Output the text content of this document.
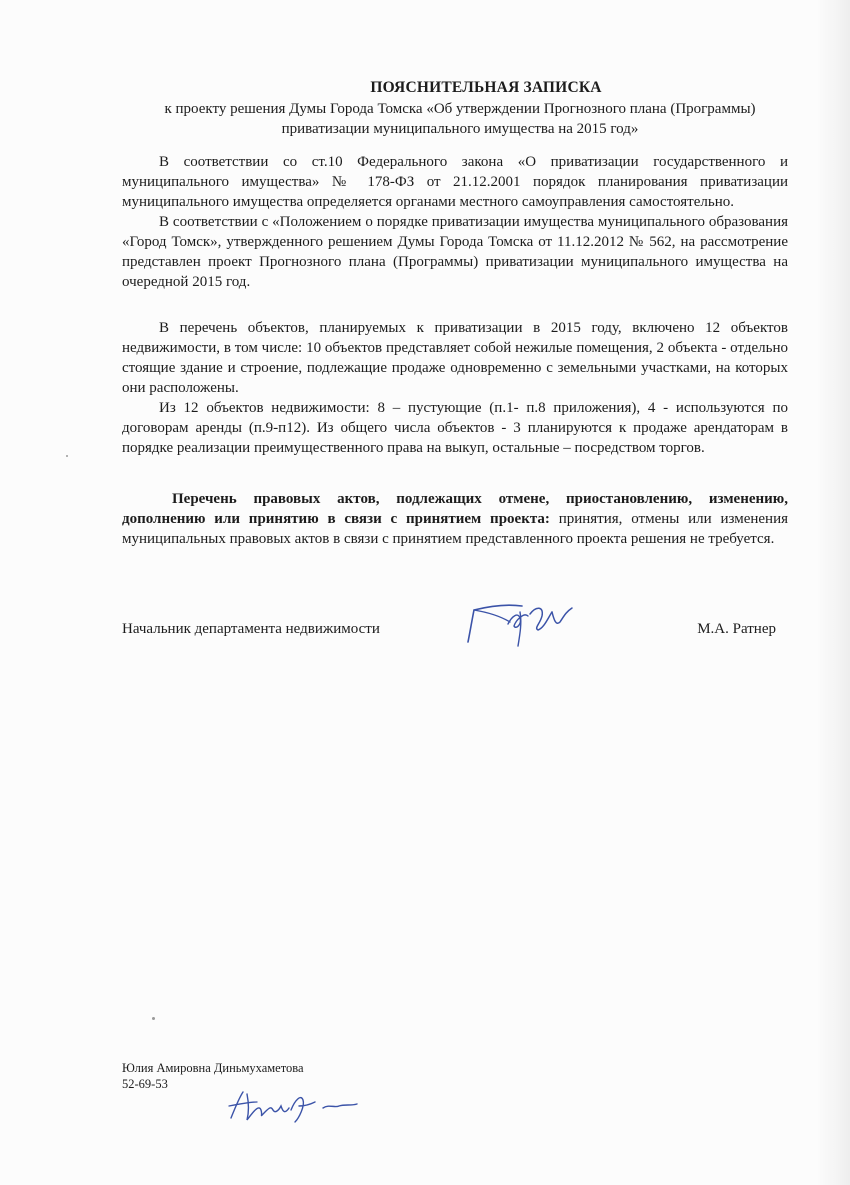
ПОЯСНИТЕЛЬНАЯ ЗАПИСКА
к проекту решения Думы Города Томска «Об утверждении Прогнозного плана (Программы) приватизации муниципального имущества на 2015 год»

В соответствии со ст.10 Федерального закона «О приватизации государственного и муниципального имущества» № 178-ФЗ от 21.12.2001 порядок планирования приватизации муниципального имущества определяется органами местного самоуправления самостоятельно.

В соответствии с «Положением о порядке приватизации имущества муниципального образования «Город Томск», утвержденного решением Думы Города Томска от 11.12.2012 № 562, на рассмотрение представлен проект Прогнозного плана (Программы) приватизации муниципального имущества на очередной 2015 год.

В перечень объектов, планируемых к приватизации в 2015 году, включено 12 объектов недвижимости, в том числе: 10 объектов представляет собой нежилые помещения, 2 объекта - отдельно стоящие здание и строение, подлежащие продаже одновременно с земельными участками, на которых они расположены.

Из 12 объектов недвижимости: 8 – пустующие (п.1- п.8 приложения), 4 - используются по договорам аренды (п.9-п12). Из общего числа объектов - 3 планируются к продаже арендаторам в порядке реализации преимущественного права на выкуп, остальные – посредством торгов.

Перечень правовых актов, подлежащих отмене, приостановлению, изменению, дополнению или принятию в связи с принятием проекта: принятия, отмены или изменения муниципальных правовых актов в связи с принятием представленного проекта решения не требуется.

Начальник департамента недвижимости	М.А. Ратнер
Юлия Амировна Диньмухаметова
52-69-53
